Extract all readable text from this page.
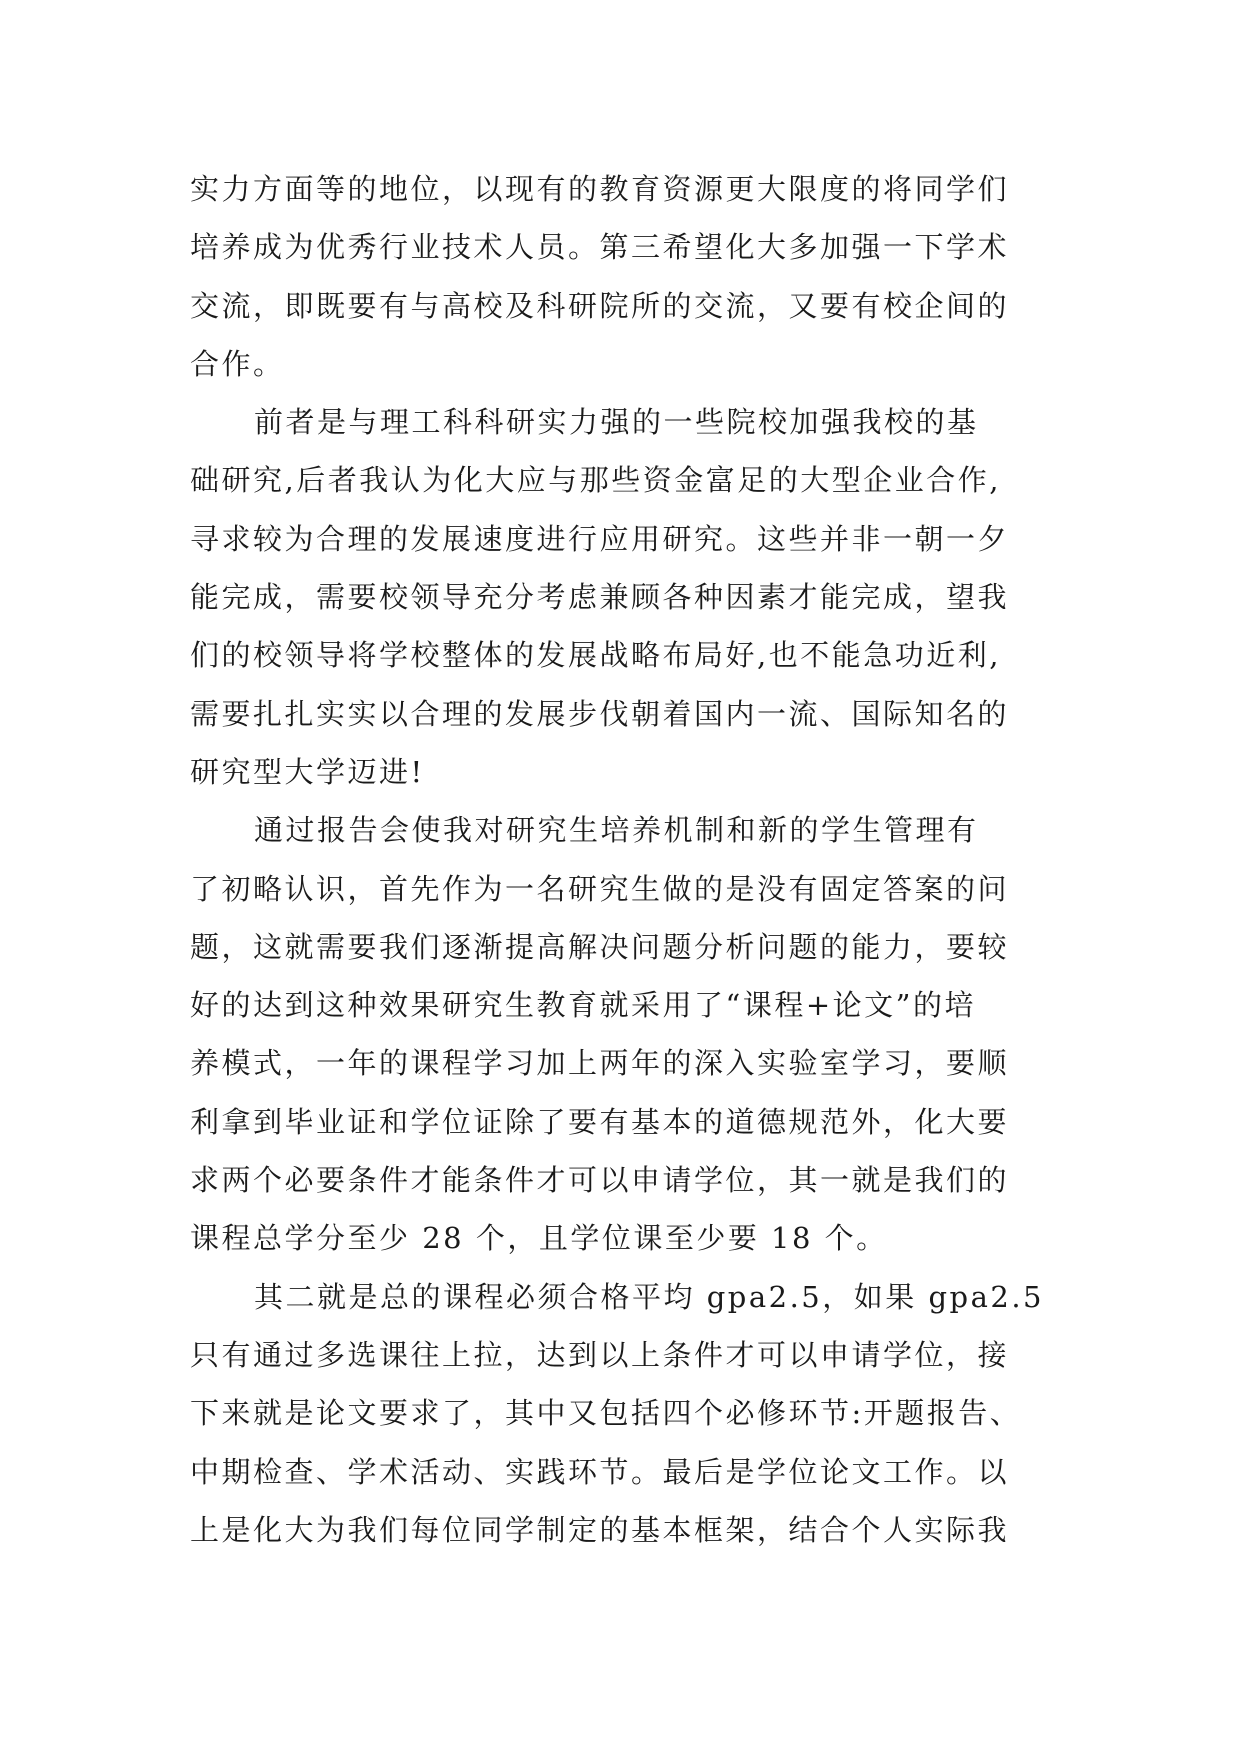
实力方面等的地位，以现有的教育资源更大限度的将同学们
培养成为优秀行业技术人员。第三希望化大多加强一下学术
交流，即既要有与高校及科研院所的交流，又要有校企间的
合作。
前者是与理工科科研实力强的一些院校加强我校的基
础研究,后者我认为化大应与那些资金富足的大型企业合作,
寻求较为合理的发展速度进行应用研究。这些并非一朝一夕
能完成，需要校领导充分考虑兼顾各种因素才能完成，望我
们的校领导将学校整体的发展战略布局好,也不能急功近利,
需要扎扎实实以合理的发展步伐朝着国内一流、国际知名的
研究型大学迈进!
通过报告会使我对研究生培养机制和新的学生管理有
了初略认识，首先作为一名研究生做的是没有固定答案的问
题，这就需要我们逐渐提高解决问题分析问题的能力，要较
好的达到这种效果研究生教育就采用了“课程+论文”的培
养模式，一年的课程学习加上两年的深入实验室学习，要顺
利拿到毕业证和学位证除了要有基本的道德规范外，化大要
求两个必要条件才能条件才可以申请学位，其一就是我们的
课程总学分至少 28 个，且学位课至少要 18 个。
其二就是总的课程必须合格平均 gpa2.5，如果 gpa2.5
只有通过多选课往上拉，达到以上条件才可以申请学位，接
下来就是论文要求了，其中又包括四个必修环节:开题报告、
中期检查、学术活动、实践环节。最后是学位论文工作。以
上是化大为我们每位同学制定的基本框架，结合个人实际我
